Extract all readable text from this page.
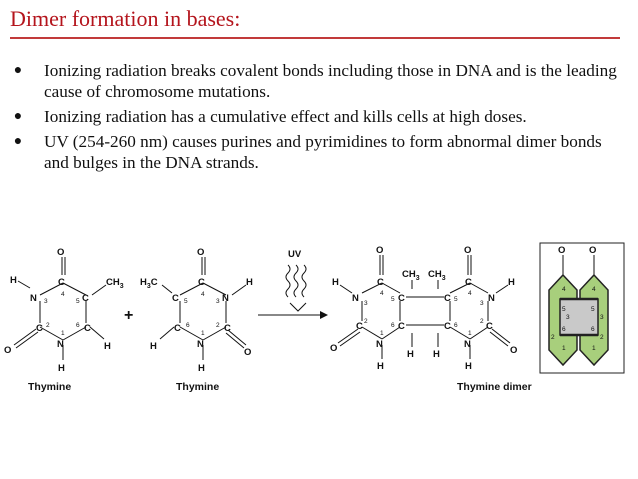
Dimer formation in bases:
●	Ionizing radiation breaks covalent bonds including those in DNA and is the leading cause of chromosome mutations.
●	Ionizing radiation has a cumulative effect and kills cells at high doses.
●	UV (254-260 nm) causes purines and pyrimidines to form abnormal dimer bonds and bulges in the DNA strands.
O
C
N	C
C
N
C
O
H
H
H
$CH_3$
4
3	5
2	6
1
+
O
C
C	N
C
N
C
O
H
H
H
$H_3C$
4
5	3
6	2
1
UV	O	O
C	C
N	N
C	C
C	C	C	C
N	N
O	O
H	H
H	H
H H
$CH_3$ $CH_3$
4	4
3	3
5	5
2	2
6	6
1	1
O O
4	4
5
3	3
5
6	6
2	2
1	1
Thymine	Thymine	Thymine dimer
